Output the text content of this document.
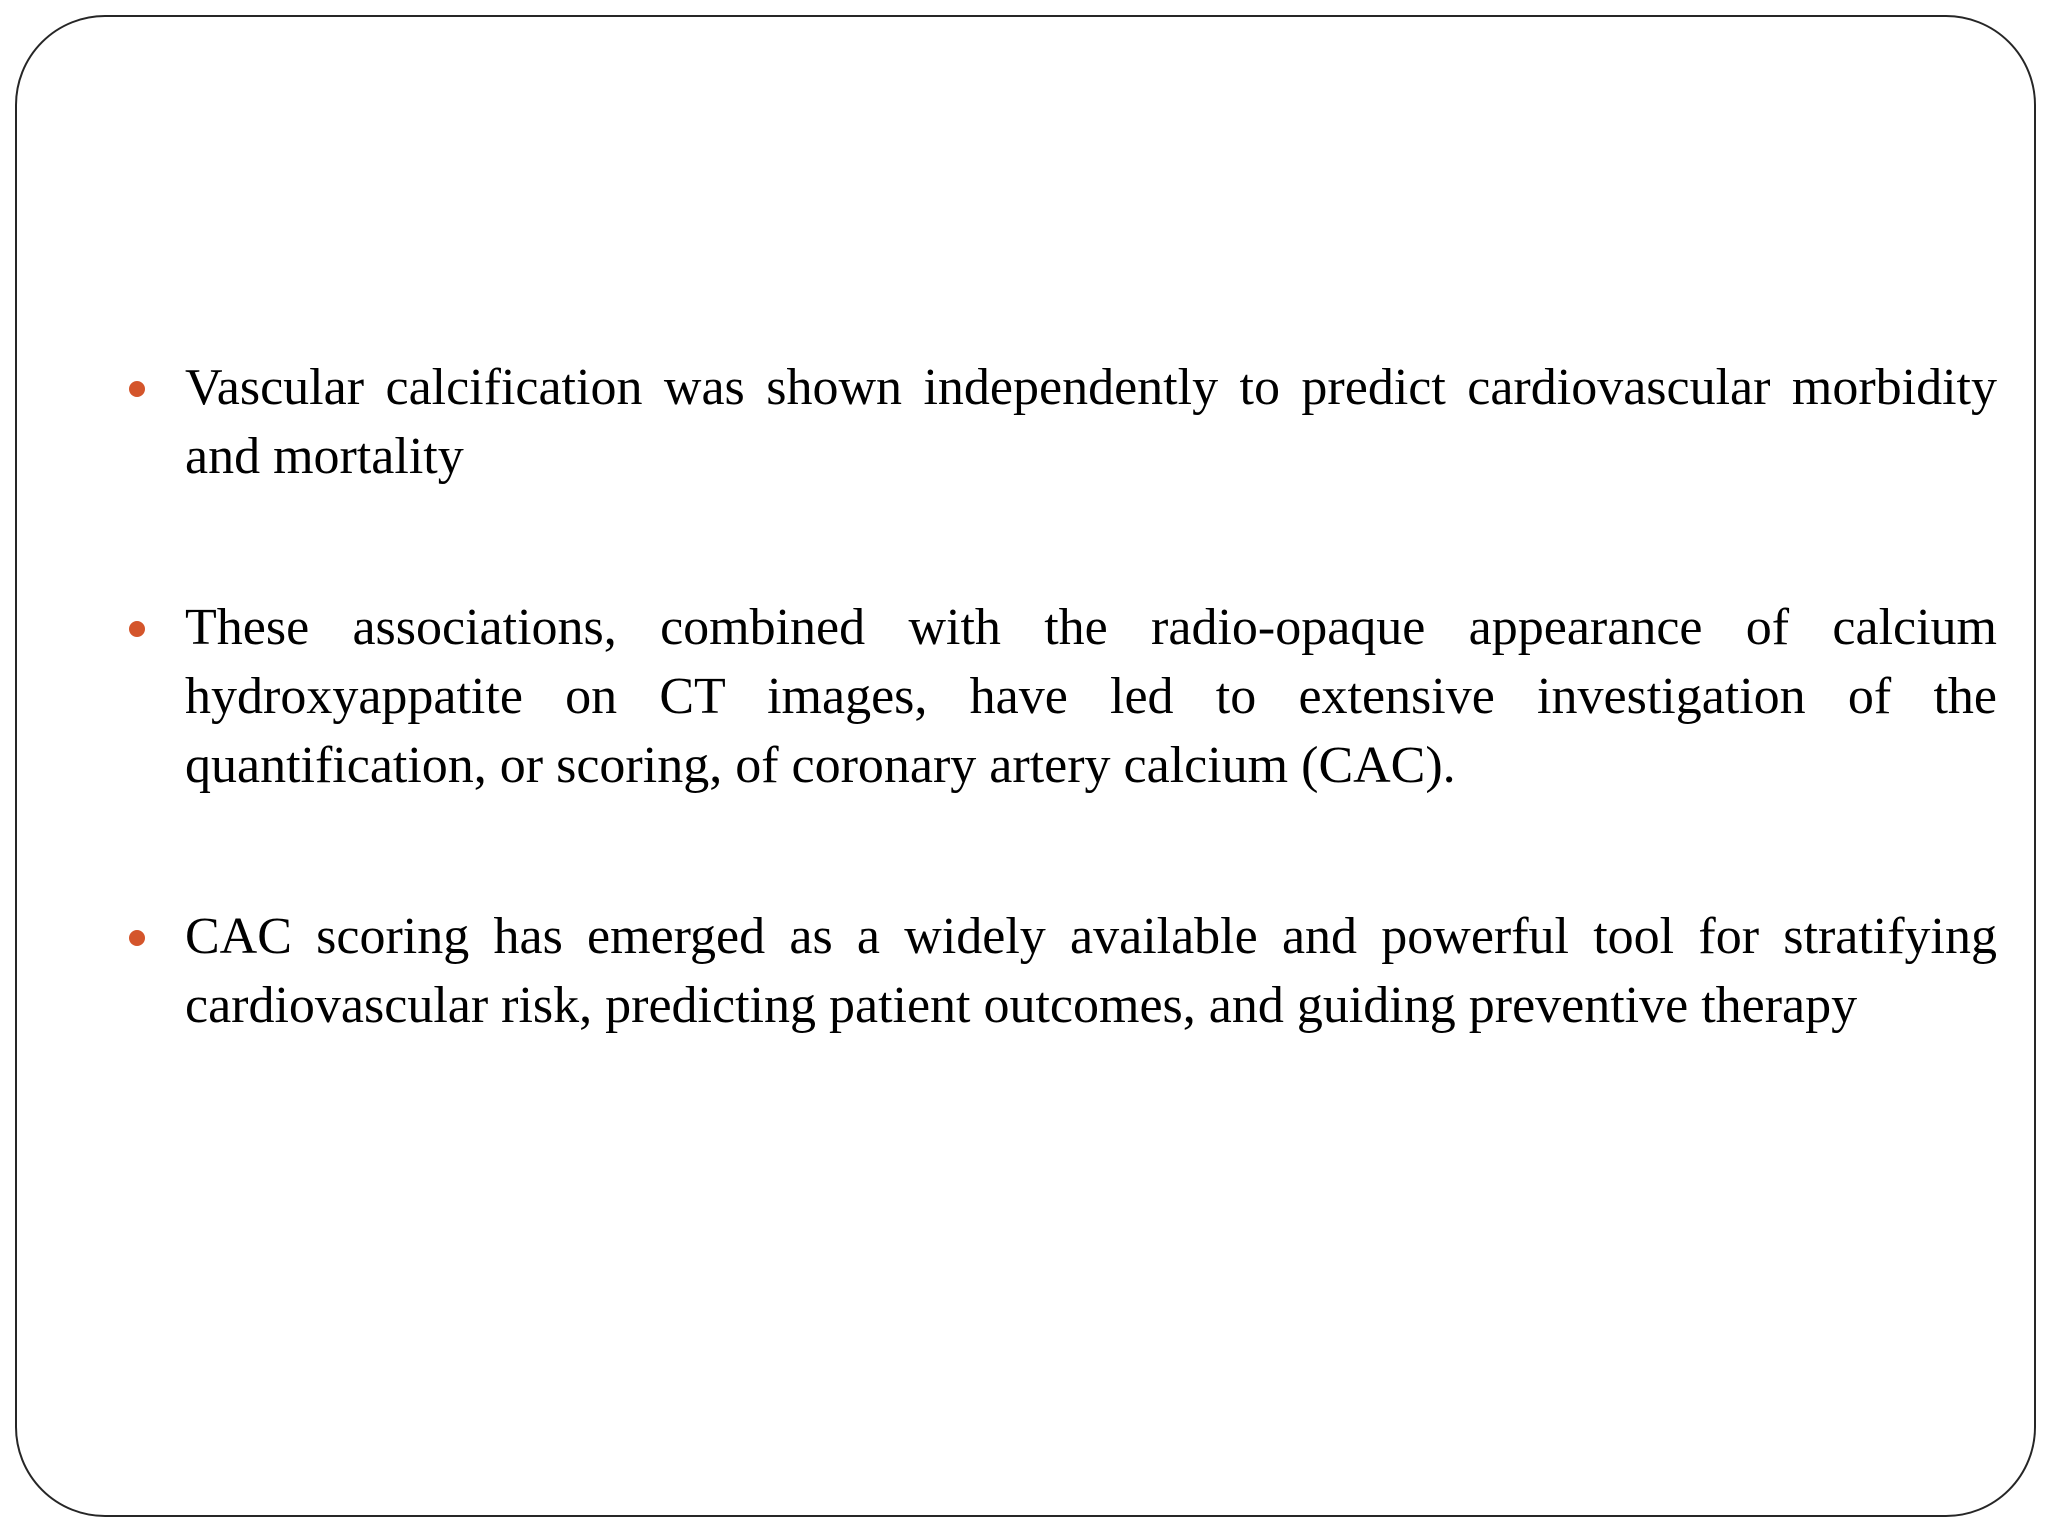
Vascular calcification was shown independently to predict cardiovascular morbidity and mortality
These associations, combined with the radio-opaque appearance of calcium hydroxyappatite on CT images, have led to extensive investigation of the quantification, or scoring, of coronary artery calcium (CAC).
CAC scoring has emerged as a widely available and powerful tool for stratifying cardiovascular risk, predicting patient outcomes, and guiding preventive therapy
